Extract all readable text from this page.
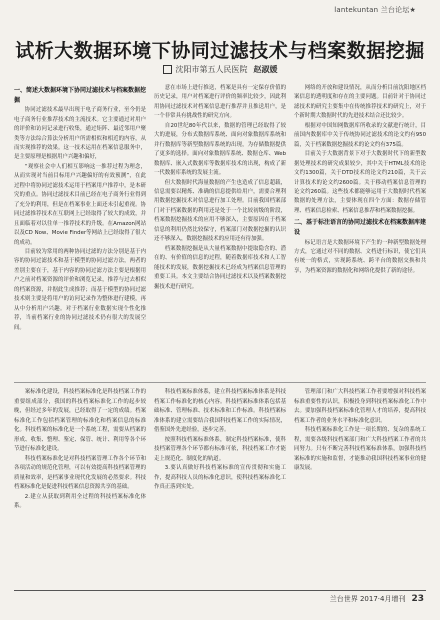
lantekuntan 兰台论坛★
试析大数据环境下协同过滤技术与档案数据挖掘
沈阳市第五人民医院 赵淑媛
一、简述大数据环境下协同过滤技术与档案数据挖掘

协同过滤技术最早出现于电子商务行业，至今仍是电子商务行业推荐技术的主流技术。它主要通过对用户的评价和访问记录进行收集，通过矩阵、最近邻用户聚类等方法综合算法分析用户所需相似和相近的内容，从而实现推荐的效果。这一技术运用在档案信息服务中，是主要原理是根据用户兴趣和偏好，

“观察社会中人们相互影响这一推荐过程为理念，从而实现对当前目标用户兴趣偏好的有效预测”，在此过程中将协同过滤技术运用于档案用户推荐中，是本研究的重点。协同过滤技术目前已经在电子商务行业得到了充分的利用，但是在档案事业上面还未引起重视。协同过滤推荐技术在互联网上已经取得了较大的成效，并且面临着对以往单一推荐技术的升级。在Amazon网站以及CD Now、Movie Finder等网站上已经取得了很大的成功。

目前较为常用的两种协同过滤的方法分别是基于内容的协同过滤技术和基于模型的协同过滤方法，两者的差别主要在于，基于内容的协同过滤方法主要是根据用户之前对档案资源的评价和浏览记录，推荐与过去相似的档案资源，并据此生成推荐；而基于模型的协同过滤技术则主要是将用户的访问记录作为整体进行建模，再从中分析用户兴趣。对于档案行业数据实现个性化推荐，当前档案行业的协同过滤技术仍有很大的发展空间。

意在市场上进行推送，档案是具有一定保存价值的历史记录，用户对档案进行评价的频率比较少，因此利用协同过滤技术对档案信息进行推荐并且推送用户，是一个非常具有挑战性的研究方向。

自20世纪80年代以来，数据的管理已经取得了较大的进展，分布式数据库系统、面向对象数据库系统和并行数据库等新型数据库系统的出现，为存储数据提供了更多的选择。面向对象数据库系统、数据仓库、Web数据库、嵌入式数据库等数据库技术的出现，构成了新一代数据库系统的发展主流。

但大数据时代海量数据的产生也造成了信息超载，信息需要以精炼、准确的信息提供给用户，需要合理利用数据挖掘技术对信息进行加工处理。目前我国档案部门对于档案数据的利用还是处于一个比较初级的阶段，档案数据挖掘技术的应用不够深入，主要原因在于档案信息的利用仍然比较保守，档案部门对数据挖掘的认识还不够深入，数据挖掘技术的应用还有待加强。

档案数据挖掘是从大量档案数据中提取隐含的、潜在的、有价值的信息的过程，随着数据库技术和人工智能技术的发展，数据挖掘技术已经成为档案信息管理的重要工具。本文主要结合协同过滤技术以及档案数据挖掘技术进行研究。

网络的开放和建设情况，从而分析目前沈阳地区档案信息的透明度和存在的主要问题。目前针对于协同过滤技术的研究主要集中在传统推荐技术的研究上，对于个新时期大数据时代的先进技术结合还比较少。

根据对中国知网数据库所收录的文献进行统计，目前国内数据库中关于传统协同过滤技术的论文约有950篇，关于档案数据挖掘技术的论文约有375篇。

目前关于大数据背景下对于大数据时代下的新型数据处理技术的研究成果较少，其中关于HTML技术的论文约1300篇，关于DTD技术的论文约210篇，关于云计算技术的论文约2600篇。关于移动档案信息管理的论文约260篇。这些技术都能够运用于大数据时代档案数据的处理方法，主要体现在四个方面：数据存储管理、档案信息检索、档案信息推荐和档案数据挖掘。

二、基于标注语言的协同过滤技术在档案数据库建设

标记语言是大数据环境下产生的一种新型数据处理方式，它通过对不同的数据、文档进行标识，使它们具有统一的格式，实现跨系统、跨平台的数据交换和共享，为档案资源的数据化和网络化提供了新的途径。

案标准化建设，科技档案标准化是科技档案工作的重要组成部分，我国的科技档案标准化工作的起步较晚，但经过多年的发展，已经取得了一定的成绩。档案标准化工作包括档案管理的标准化和档案信息的标准化。科技档案的标准化是一个系统工程，需要从档案的形成、收集、整理、鉴定、保管、统计、利用等各个环节进行标准化建设。

科技档案标准化是对科技档案管理工作各个环节和各项活动的规范化管理，可以有效提高科技档案管理的质量和效率，是档案事业现代化发展的必然要求。科技档案标准化是促进科技档案信息资源共享的基础。

2.建立从获取到利用全过程的科技档案标准化体系。

科技档案标准体系，建立科技档案标准体系是科技档案工作标准化的核心内容。科技档案标准体系包括基础标准、管理标准、技术标准和工作标准。科技档案标准体系的建立需要结合我国科技档案工作的实际情况，借鉴国外先进经验，逐步完善。

按照科技档案标准体系，制定科技档案标准，使科技档案管理各个环节都有标准可依，科技档案工作才能走上规范化、制度化的轨道。

3.要认真做好科技档案标准的宣传贯彻和实施工作，提高科技人员的标准化意识，使科技档案标准化工作真正落到实处。

管理部门和广大科技档案工作者要增强对科技档案标准重要性的认识，积极投身到科技档案标准化工作中去。要加强科技档案标准化管理人才的培养，提高科技档案工作者的业务水平和标准化意识。

科技档案标准化工作是一项长期的、复杂的系统工程，需要各级科技档案部门和广大科技档案工作者的共同努力。只有不断完善科技档案标准体系，加强科技档案标准的实施和监督，才能推动我国科技档案事业的健康发展。

兰台世界 2017·4月增刊 23
